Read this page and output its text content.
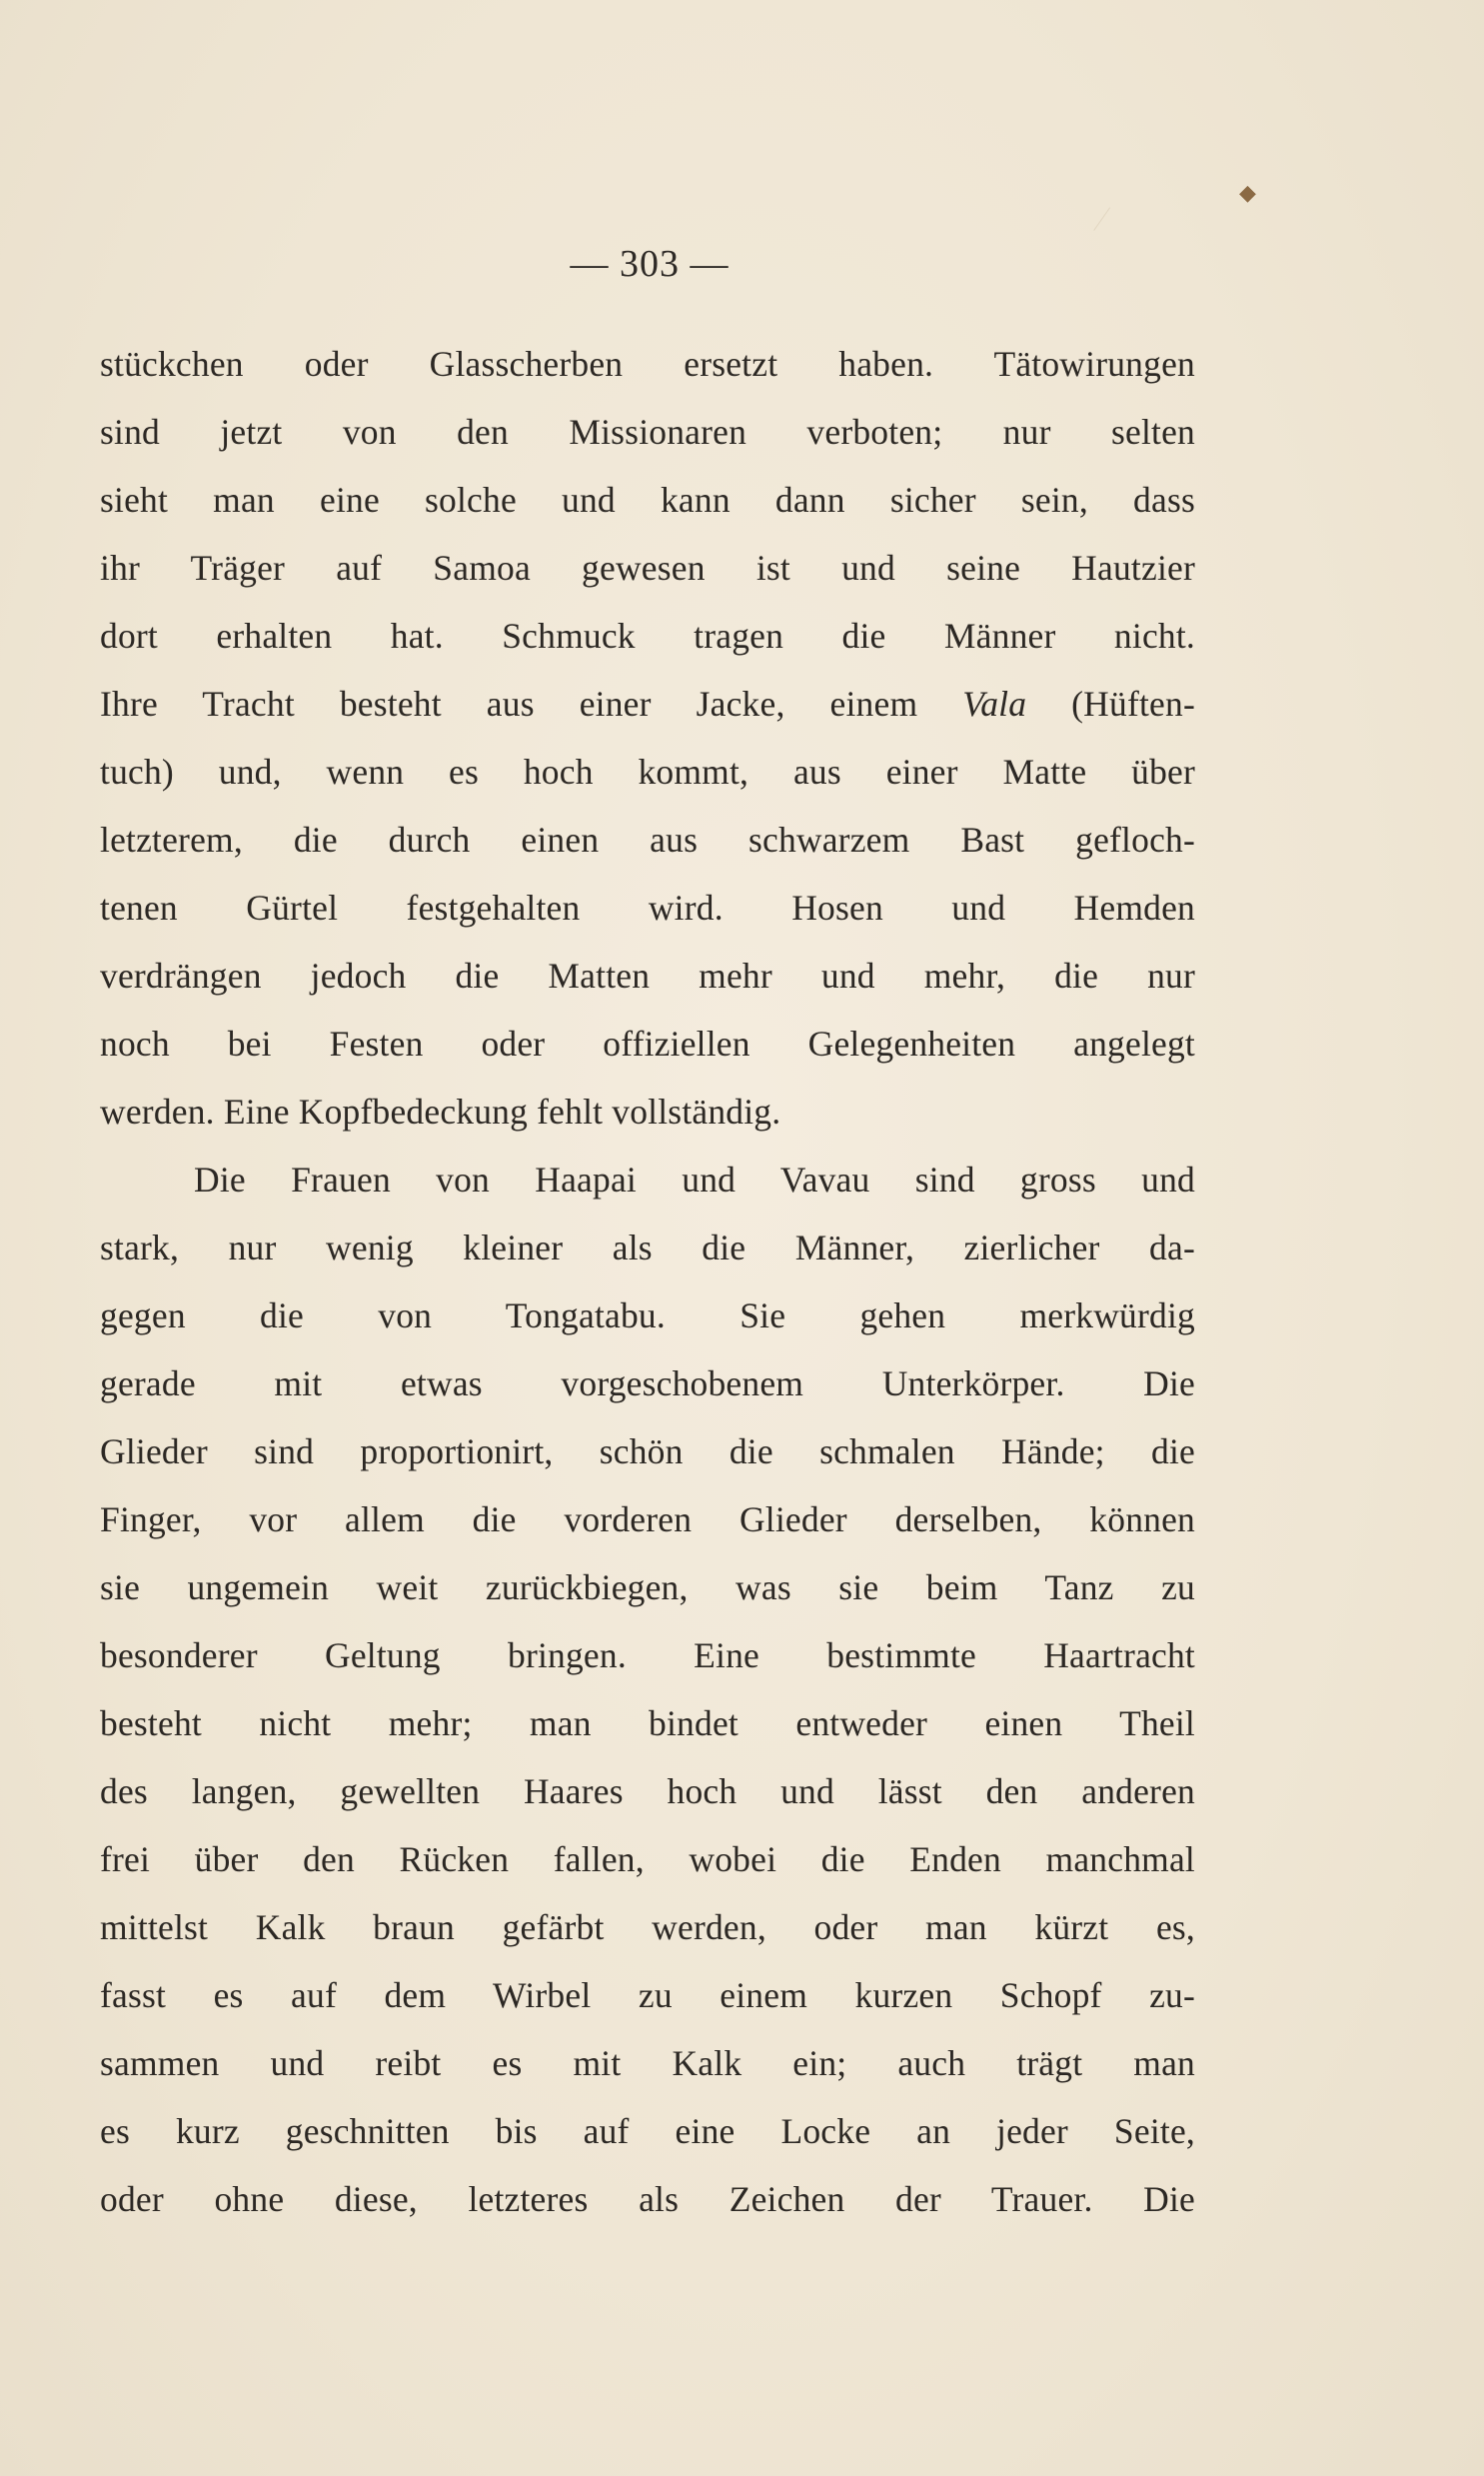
◆
— 303 —
stückchen oder Glasscherben ersetzt haben. Tätowirungen
sind jetzt von den Missionaren verboten; nur selten
sieht man eine solche und kann dann sicher sein, dass
ihr Träger auf Samoa gewesen ist und seine Hautzier
dort erhalten hat. Schmuck tragen die Männer nicht.
Ihre Tracht besteht aus einer Jacke, einem Vala (Hüften-
tuch) und, wenn es hoch kommt, aus einer Matte über
letzterem, die durch einen aus schwarzem Bast gefloch-
tenen Gürtel festgehalten wird. Hosen und Hemden
verdrängen jedoch die Matten mehr und mehr, die nur
noch bei Festen oder offiziellen Gelegenheiten angelegt
werden. Eine Kopfbedeckung fehlt vollständig.
Die Frauen von Haapai und Vavau sind gross und
stark, nur wenig kleiner als die Männer, zierlicher da-
gegen die von Tongatabu. Sie gehen merkwürdig
gerade mit etwas vorgeschobenem Unterkörper. Die
Glieder sind proportionirt, schön die schmalen Hände; die
Finger, vor allem die vorderen Glieder derselben, können
sie ungemein weit zurückbiegen, was sie beim Tanz zu
besonderer Geltung bringen. Eine bestimmte Haartracht
besteht nicht mehr; man bindet entweder einen Theil
des langen, gewellten Haares hoch und lässt den anderen
frei über den Rücken fallen, wobei die Enden manchmal
mittelst Kalk braun gefärbt werden, oder man kürzt es,
fasst es auf dem Wirbel zu einem kurzen Schopf zu-
sammen und reibt es mit Kalk ein; auch trägt man
es kurz geschnitten bis auf eine Locke an jeder Seite,
oder ohne diese, letzteres als Zeichen der Trauer. Die
